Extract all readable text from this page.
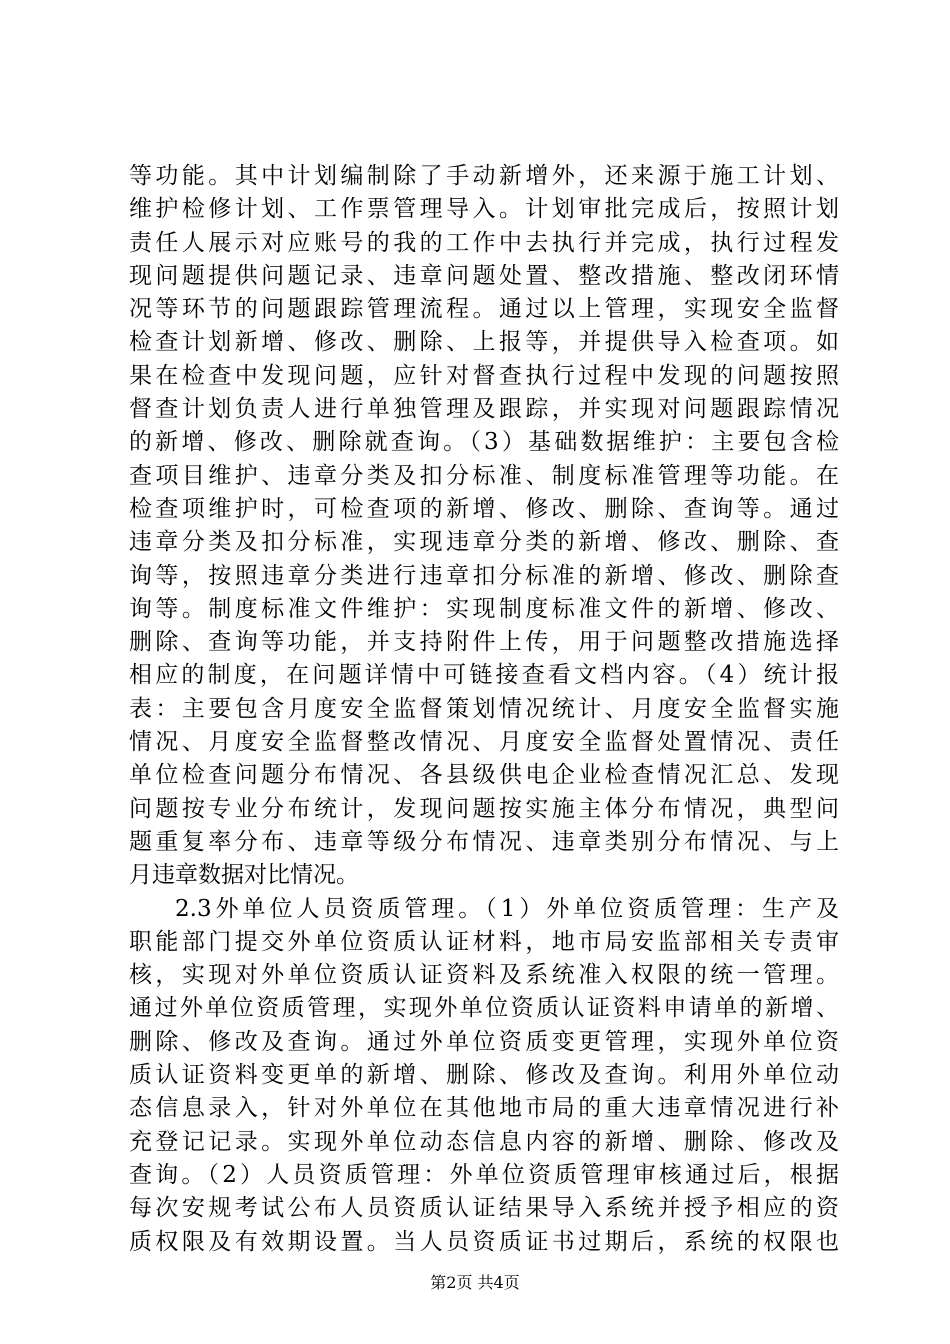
等功能。其中计划编制除了手动新增外，还来源于施工计划、
维护检修计划、工作票管理导入。计划审批完成后，按照计划
责任人展示对应账号的我的工作中去执行并完成，执行过程发
现问题提供问题记录、违章问题处置、整改措施、整改闭环情
况等环节的问题跟踪管理流程。通过以上管理，实现安全监督
检查计划新增、修改、删除、上报等，并提供导入检查项。如
果在检查中发现问题，应针对督查执行过程中发现的问题按照
督查计划负责人进行单独管理及跟踪，并实现对问题跟踪情况
的新增、修改、删除就查询。（3）基础数据维护：主要包含检
查项目维护、违章分类及扣分标准、制度标准管理等功能。在
检查项维护时，可检查项的新增、修改、删除、查询等。通过
违章分类及扣分标准，实现违章分类的新增、修改、删除、查
询等，按照违章分类进行违章扣分标准的新增、修改、删除查
询等。制度标准文件维护：实现制度标准文件的新增、修改、
删除、查询等功能，并支持附件上传，用于问题整改措施选择
相应的制度，在问题详情中可链接查看文档内容。（4）统计报
表：主要包含月度安全监督策划情况统计、月度安全监督实施
情况、月度安全监督整改情况、月度安全监督处置情况、责任
单位检查问题分布情况、各县级供电企业检查情况汇总、发现
问题按专业分布统计，发现问题按实施主体分布情况，典型问
题重复率分布、违章等级分布情况、违章类别分布情况、与上
月违章数据对比情况。
2.3外单位人员资质管理。（1）外单位资质管理：生产及
职能部门提交外单位资质认证材料，地市局安监部相关专责审
核，实现对外单位资质认证资料及系统准入权限的统一管理。
通过外单位资质管理，实现外单位资质认证资料申请单的新增、
删除、修改及查询。通过外单位资质变更管理，实现外单位资
质认证资料变更单的新增、删除、修改及查询。利用外单位动
态信息录入，针对外单位在其他地市局的重大违章情况进行补
充登记记录。实现外单位动态信息内容的新增、删除、修改及
查询。（2）人员资质管理：外单位资质管理审核通过后，根据
每次安规考试公布人员资质认证结果导入系统并授予相应的资
质权限及有效期设置。当人员资质证书过期后，系统的权限也
第2页 共4页
